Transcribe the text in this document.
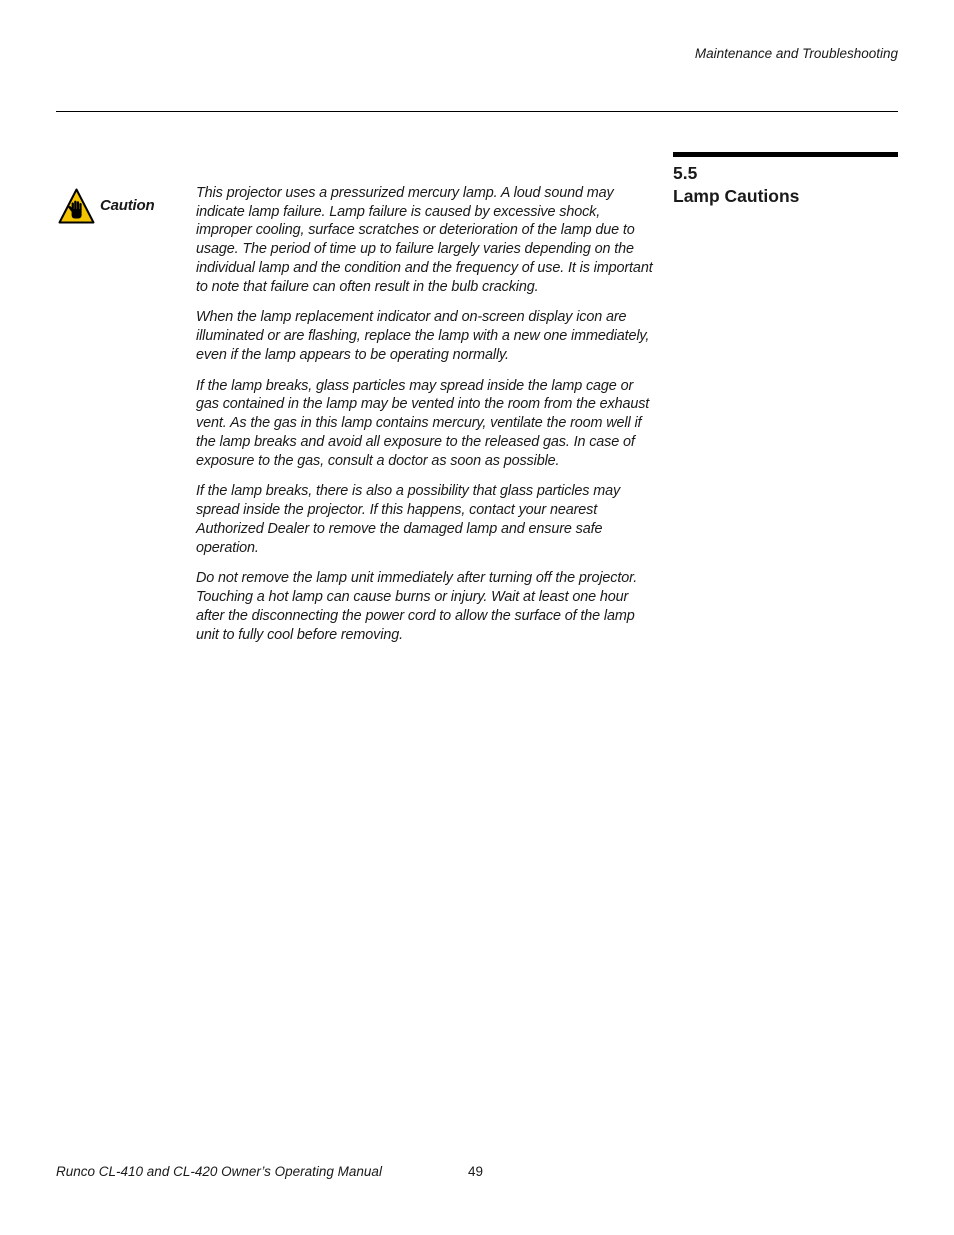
Maintenance and Troubleshooting
5.5
Lamp Cautions
Caution

This projector uses a pressurized mercury lamp. A loud sound may indicate lamp failure. Lamp failure is caused by excessive shock, improper cooling, surface scratches or deterioration of the lamp due to usage. The period of time up to failure largely varies depending on the individual lamp and the condition and the frequency of use. It is important to note that failure can often result in the bulb cracking.

When the lamp replacement indicator and on-screen display icon are illuminated or are flashing, replace the lamp with a new one immediately, even if the lamp appears to be operating normally.

If the lamp breaks, glass particles may spread inside the lamp cage or gas contained in the lamp may be vented into the room from the exhaust vent. As the gas in this lamp contains mercury, ventilate the room well if the lamp breaks and avoid all exposure to the released gas. In case of exposure to the gas, consult a doctor as soon as possible.

If the lamp breaks, there is also a possibility that glass particles may spread inside the projector. If this happens, contact your nearest Authorized Dealer to remove the damaged lamp and ensure safe operation.

Do not remove the lamp unit immediately after turning off the projector. Touching a hot lamp can cause burns or injury. Wait at least one hour after the disconnecting the power cord to allow the surface of the lamp unit to fully cool before removing.

Runco CL-410 and CL-420 Owner’s Operating Manual	49
